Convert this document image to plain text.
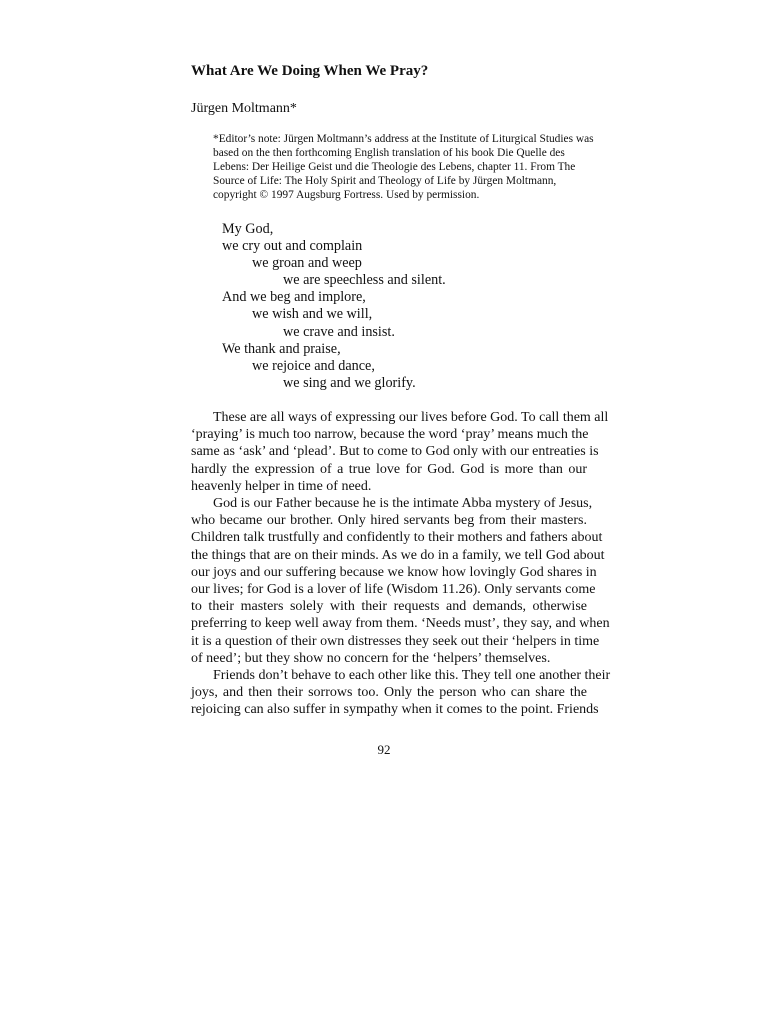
What Are We Doing When We Pray?

Jürgen Moltmann*

*Editor’s note: Jürgen Moltmann’s address at the Institute of Liturgical Studies was
based on the then forthcoming English translation of his book Die Quelle des
Lebens: Der Heilige Geist und die Theologie des Lebens, chapter 11. From The
Source of Life: The Holy Spirit and Theology of Life by Jürgen Moltmann,
copyright © 1997 Augsburg Fortress. Used by permission.
My God,
we cry out and complain
we groan and weep
we are speechless and silent.
And we beg and implore,
we wish and we will,
we crave and insist.
We thank and praise,
we rejoice and dance,
we sing and we glorify.
These are all ways of expressing our lives before God. To call them all
‘praying’ is much too narrow, because the word ‘pray’ means much the
same as ‘ask’ and ‘plead’. But to come to God only with our entreaties is
hardly the expression of a true love for God. God is more than our
heavenly helper in time of need.
God is our Father because he is the intimate Abba mystery of Jesus,
who became our brother. Only hired servants beg from their masters.
Children talk trustfully and confidently to their mothers and fathers about
the things that are on their minds. As we do in a family, we tell God about
our joys and our suffering because we know how lovingly God shares in
our lives; for God is a lover of life (Wisdom 11.26). Only servants come
to their masters solely with their requests and demands, otherwise
preferring to keep well away from them. ‘Needs must’, they say, and when
it is a question of their own distresses they seek out their ‘helpers in time
of need’; but they show no concern for the ‘helpers’ themselves.
Friends don’t behave to each other like this. They tell one another their
joys, and then their sorrows too. Only the person who can share the
rejoicing can also suffer in sympathy when it comes to the point. Friends
92
